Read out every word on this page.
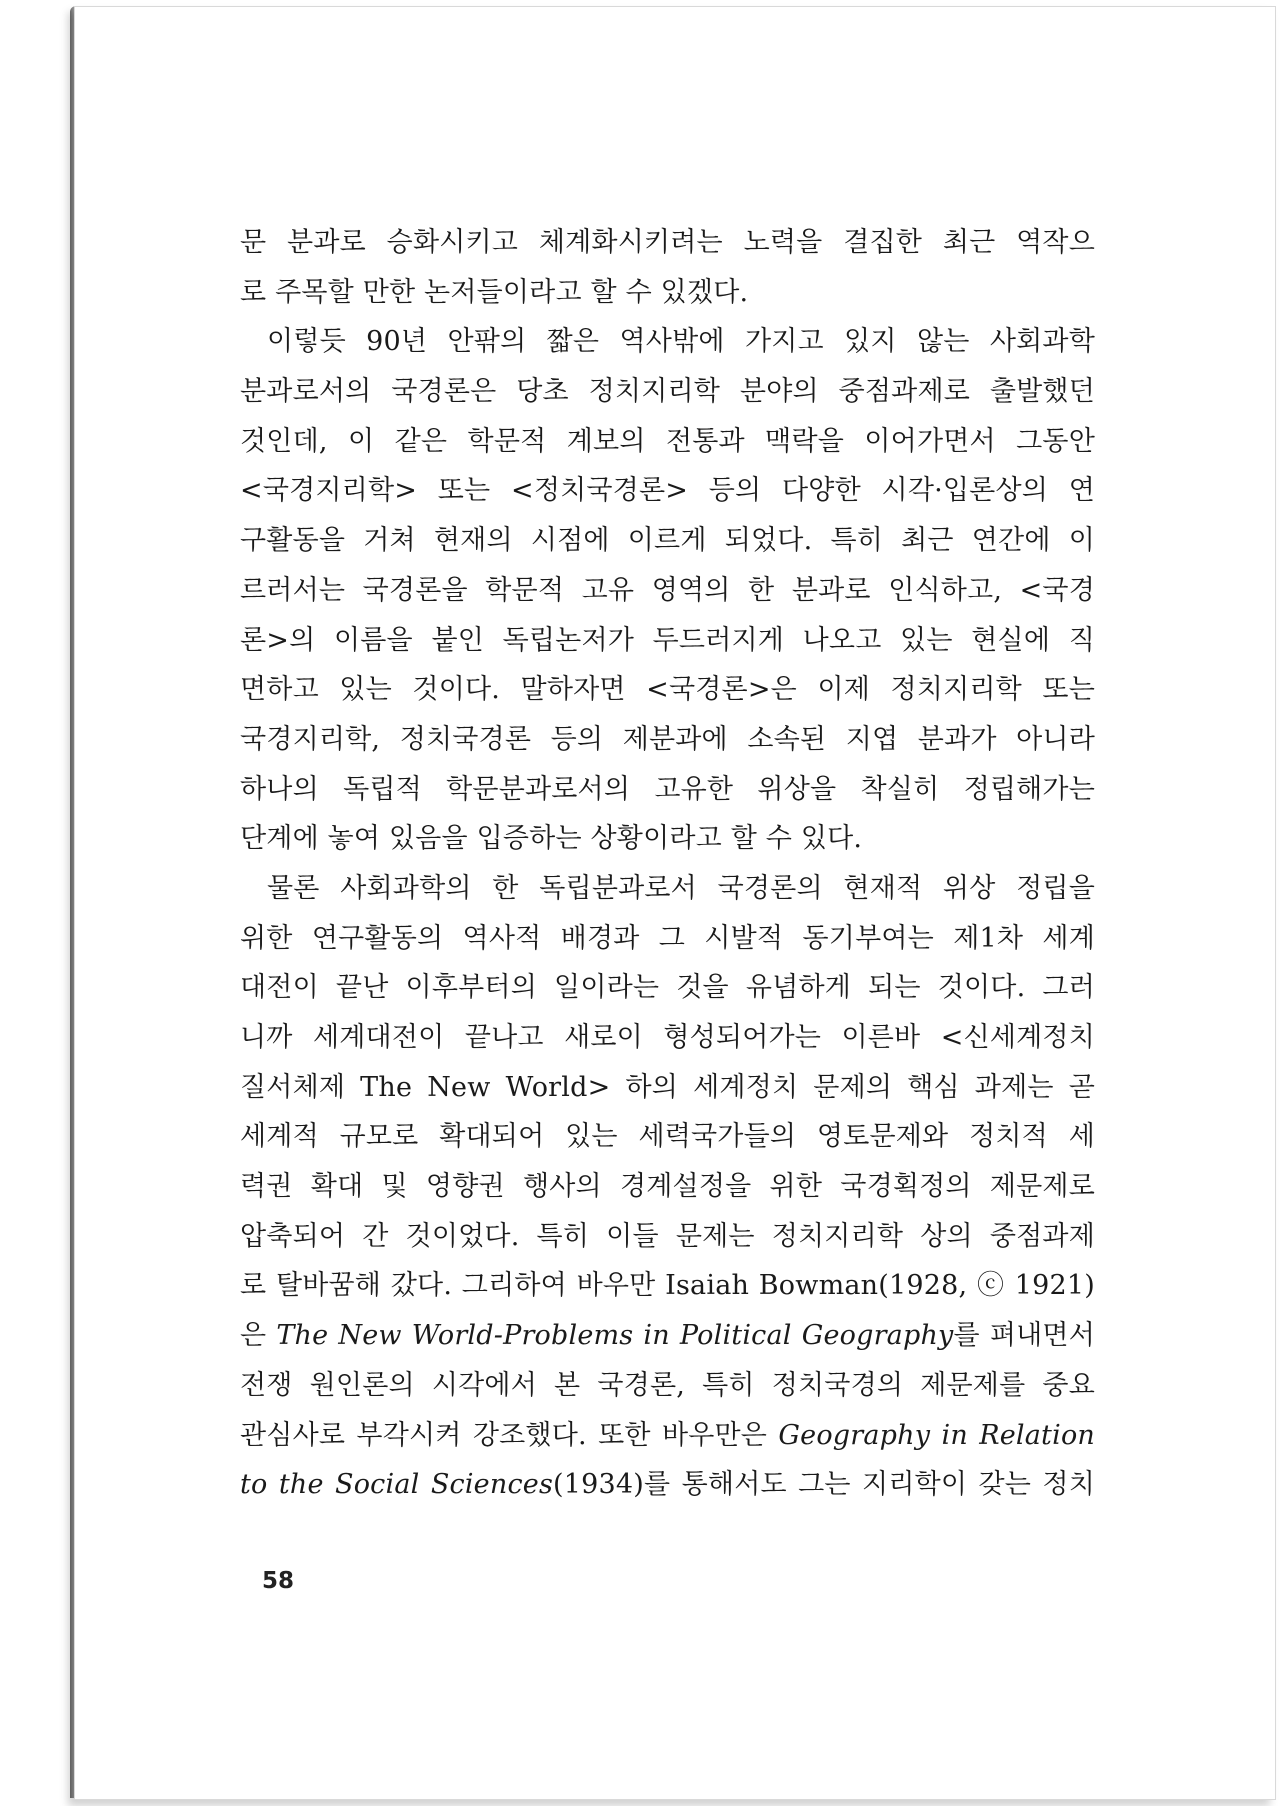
문 분과로 승화시키고 체계화시키려는 노력을 결집한 최근 역작으
로 주목할 만한 논저들이라고 할 수 있겠다.
이렇듯 90년 안팎의 짧은 역사밖에 가지고 있지 않는 사회과학
분과로서의 국경론은 당초 정치지리학 분야의 중점과제로 출발했던
것인데, 이 같은 학문적 계보의 전통과 맥락을 이어가면서 그동안
<국경지리학> 또는 <정치국경론> 등의 다양한 시각·입론상의 연
구활동을 거쳐 현재의 시점에 이르게 되었다. 특히 최근 연간에 이
르러서는 국경론을 학문적 고유 영역의 한 분과로 인식하고, <국경
론>의 이름을 붙인 독립논저가 두드러지게 나오고 있는 현실에 직
면하고 있는 것이다. 말하자면 <국경론>은 이제 정치지리학 또는
국경지리학, 정치국경론 등의 제분과에 소속된 지엽 분과가 아니라
하나의 독립적 학문분과로서의 고유한 위상을 착실히 정립해가는
단계에 놓여 있음을 입증하는 상황이라고 할 수 있다.
물론 사회과학의 한 독립분과로서 국경론의 현재적 위상 정립을
위한 연구활동의 역사적 배경과 그 시발적 동기부여는 제1차 세계
대전이 끝난 이후부터의 일이라는 것을 유념하게 되는 것이다. 그러
니까 세계대전이 끝나고 새로이 형성되어가는 이른바 <신세계정치
질서체제 The New World> 하의 세계정치 문제의 핵심 과제는 곧
세계적 규모로 확대되어 있는 세력국가들의 영토문제와 정치적 세
력권 확대 및 영향권 행사의 경계설정을 위한 국경획정의 제문제로
압축되어 간 것이었다. 특히 이들 문제는 정치지리학 상의 중점과제
로 탈바꿈해 갔다. 그리하여 바우만 Isaiah Bowman(1928, ⓒ 1921)
은 The New World-Problems in Political Geography를 펴내면서
전쟁 원인론의 시각에서 본 국경론, 특히 정치국경의 제문제를 중요
관심사로 부각시켜 강조했다. 또한 바우만은 Geography in Relation
to the Social Sciences(1934)를 통해서도 그는 지리학이 갖는 정치
58
